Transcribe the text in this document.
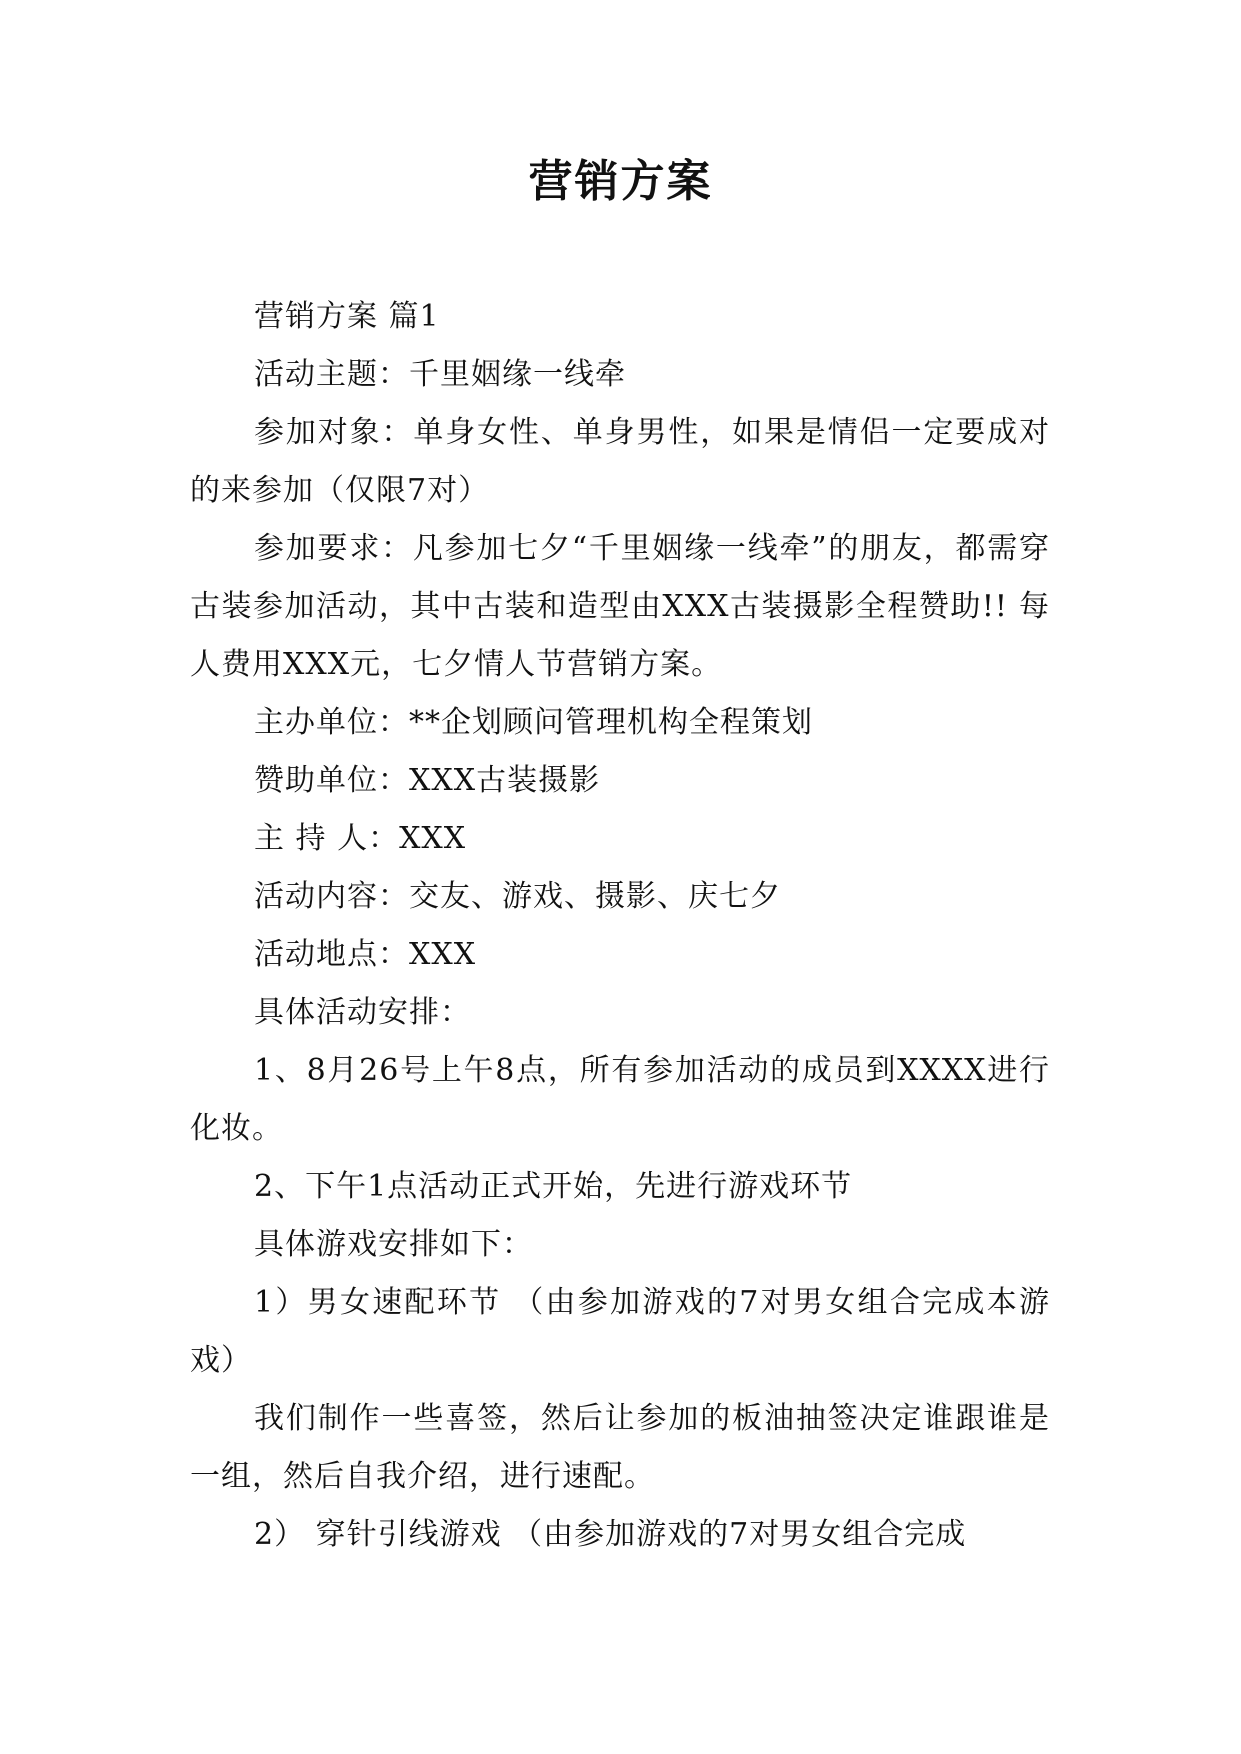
营销方案

营销方案 篇1

活动主题：千里姻缘一线牵

参加对象：单身女性、单身男性，如果是情侣一定要成对的来参加（仅限7对）

参加要求：凡参加七夕“千里姻缘一线牵”的朋友，都需穿古装参加活动，其中古装和造型由XXX古装摄影全程赞助!! 每人费用XXX元，七夕情人节营销方案。

主办单位：**企划顾问管理机构全程策划

赞助单位：XXX古装摄影

主 持 人：XXX

活动内容：交友、游戏、摄影、庆七夕

活动地点：XXX

具体活动安排：

1、8月26号上午8点，所有参加活动的成员到XXXX进行化妆。

2、下午1点活动正式开始，先进行游戏环节

具体游戏安排如下：

1）男女速配环节 （由参加游戏的7对男女组合完成本游戏）

我们制作一些喜签，然后让参加的板油抽签决定谁跟谁是一组，然后自我介绍，进行速配。

2） 穿针引线游戏 （由参加游戏的7对男女组合完成
